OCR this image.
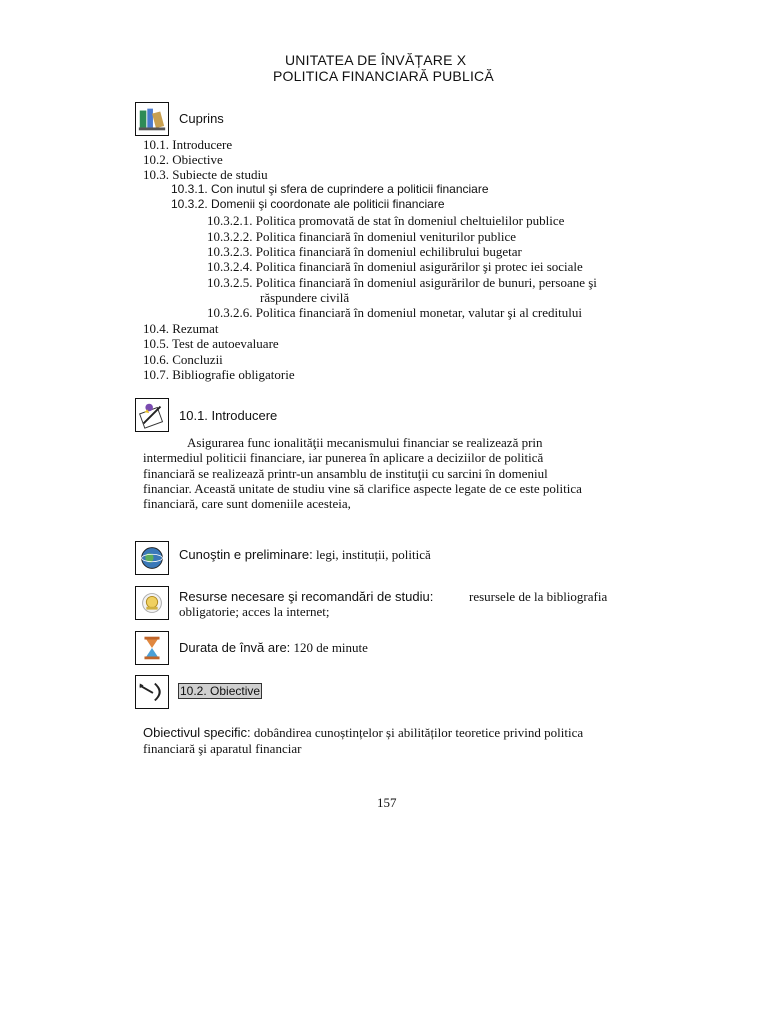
UNITATEA DE ÎNVĂȚARE X
POLITICA FINANCIARĂ PUBLICĂ
Cuprins
10.1. Introducere
10.2. Obiective
10.3. Subiecte de studiu
10.3.1. Con inutul şi sfera de cuprindere a politicii financiare
10.3.2. Domenii şi coordonate ale politicii financiare
10.3.2.1. Politica promovată de stat în domeniul cheltuielilor publice
10.3.2.2. Politica financiară în domeniul veniturilor publice
10.3.2.3. Politica financiară în domeniul echilibrului bugetar
10.3.2.4. Politica financiară în domeniul asigurărilor şi protec iei sociale
10.3.2.5. Politica financiară în domeniul asigurărilor de bunuri, persoane şi
răspundere civilă
10.3.2.6. Politica financiară în domeniul monetar, valutar şi al creditului
10.4. Rezumat
10.5. Test de autoevaluare
10.6. Concluzii
10.7. Bibliografie obligatorie
10.1. Introducere
Asigurarea func ionalităţii mecanismului financiar se realizează prin
intermediul politicii financiare, iar punerea în aplicare a deciziilor de politică
financiară se realizează printr-un ansamblu de instituţii cu sarcini în domeniul
financiar. Această unitate de studiu vine să clarifice aspecte legate de ce este politica
financiară, care sunt domeniile acesteia,
Cunoştin e preliminare: legi, instituții, politică
Resurse necesare şi recomandări de studiu:	resursele de la bibliografia
obligatorie; acces la internet;
Durata de învă are: 120 de minute
10.2. Obiective
Obiectivul specific: dobândirea cunoștințelor și abilităților teoretice privind politica
financiară şi aparatul financiar
157
